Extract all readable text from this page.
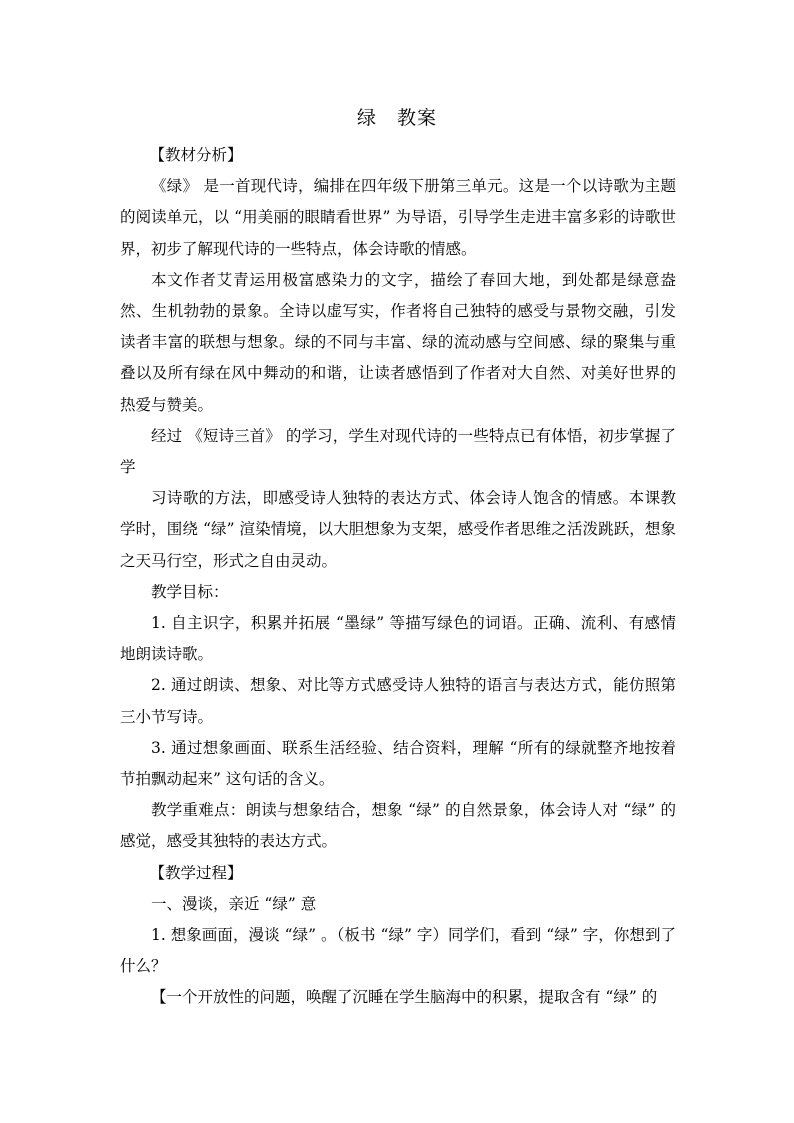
绿　教案

【教材分析】

《绿》 是一首现代诗，编排在四年级下册第三单元。这是一个以诗歌为主题的阅读单元，以 “用美丽的眼睛看世界” 为导语，引导学生走进丰富多彩的诗歌世界，初步了解现代诗的一些特点，体会诗歌的情感。

本文作者艾青运用极富感染力的文字，描绘了春回大地，到处都是绿意盎然、生机勃勃的景象。全诗以虚写实，作者将自己独特的感受与景物交融，引发读者丰富的联想与想象。绿的不同与丰富、绿的流动感与空间感、绿的聚集与重叠以及所有绿在风中舞动的和谐，让读者感悟到了作者对大自然、对美好世界的热爱与赞美。

经过 《短诗三首》 的学习，学生对现代诗的一些特点已有体悟，初步掌握了学

习诗歌的方法，即感受诗人独特的表达方式、体会诗人饱含的情感。本课教学时，围绕 “绿” 渲染情境，以大胆想象为支架，感受作者思维之活泼跳跃，想象之天马行空，形式之自由灵动。

教学目标：

1. 自主识字，积累并拓展 “墨绿” 等描写绿色的词语。正确、流利、有感情地朗读诗歌。

2. 通过朗读、想象、对比等方式感受诗人独特的语言与表达方式，能仿照第三小节写诗。

3. 通过想象画面、联系生活经验、结合资料，理解 “所有的绿就整齐地按着节拍飘动起来” 这句话的含义。

教学重难点：朗读与想象结合，想象 “绿” 的自然景象，体会诗人对 “绿” 的感觉，感受其独特的表达方式。

【教学过程】

一、漫谈，亲近 “绿” 意

1. 想象画面，漫谈 “绿” 。（板书 “绿” 字）同学们，看到 “绿” 字，你想到了什么？

【一个开放性的问题，唤醒了沉睡在学生脑海中的积累，提取含有 “绿” 的
